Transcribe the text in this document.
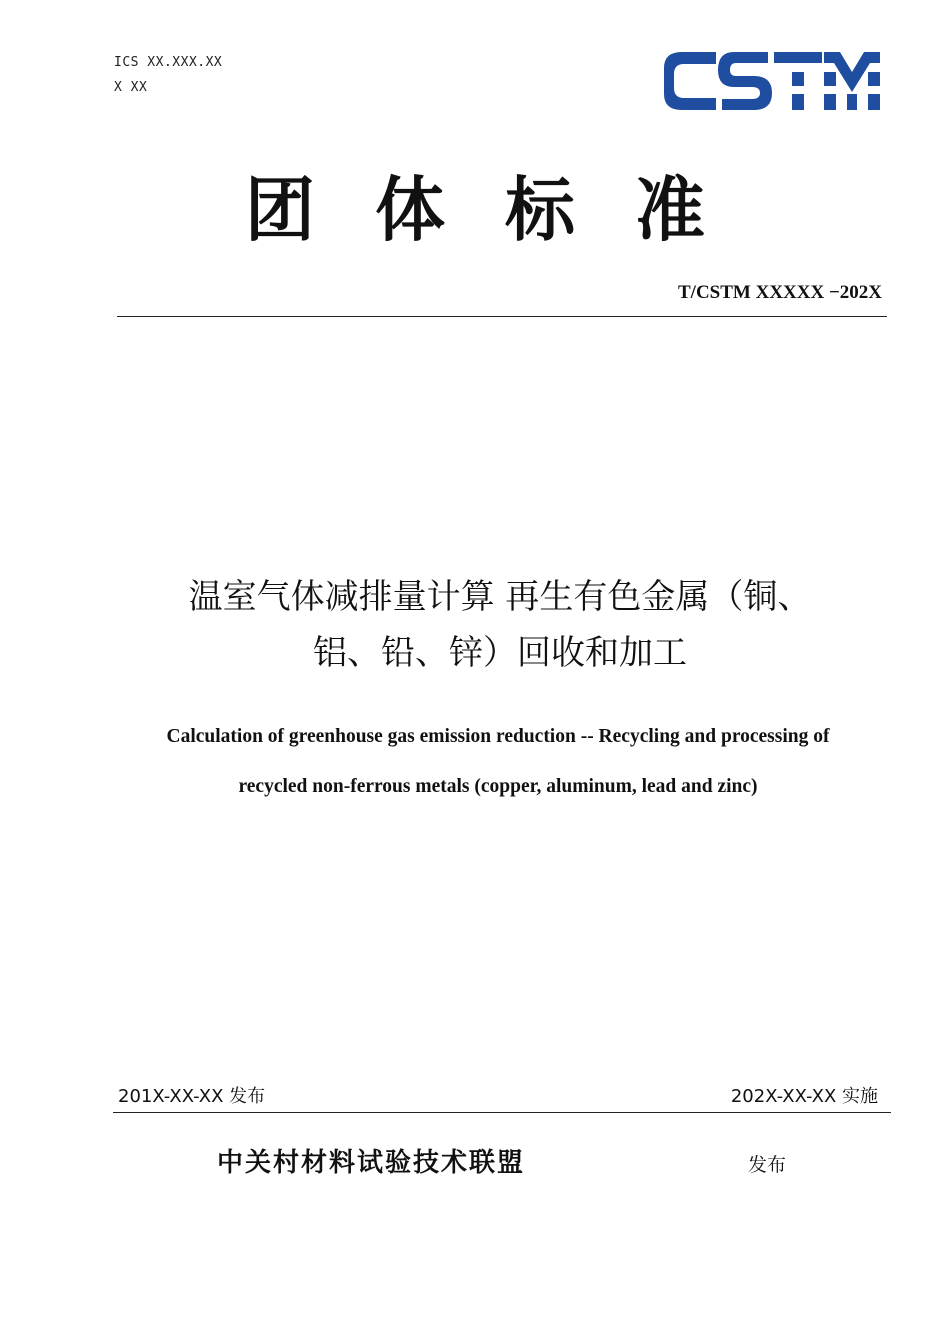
ICS XX.XXX.XX
X XX
团体标准
T/CSTM XXXXX −202X
温室气体减排量计算 再生有色金属（铜、
铝、铅、锌）回收和加工
Calculation of greenhouse gas emission reduction -- Recycling and processing of
recycled non-ferrous metals (copper, aluminum, lead and zinc)
201X-XX-XX 发布	202X-XX-XX 实施
中关村材料试验技术联盟	发布
